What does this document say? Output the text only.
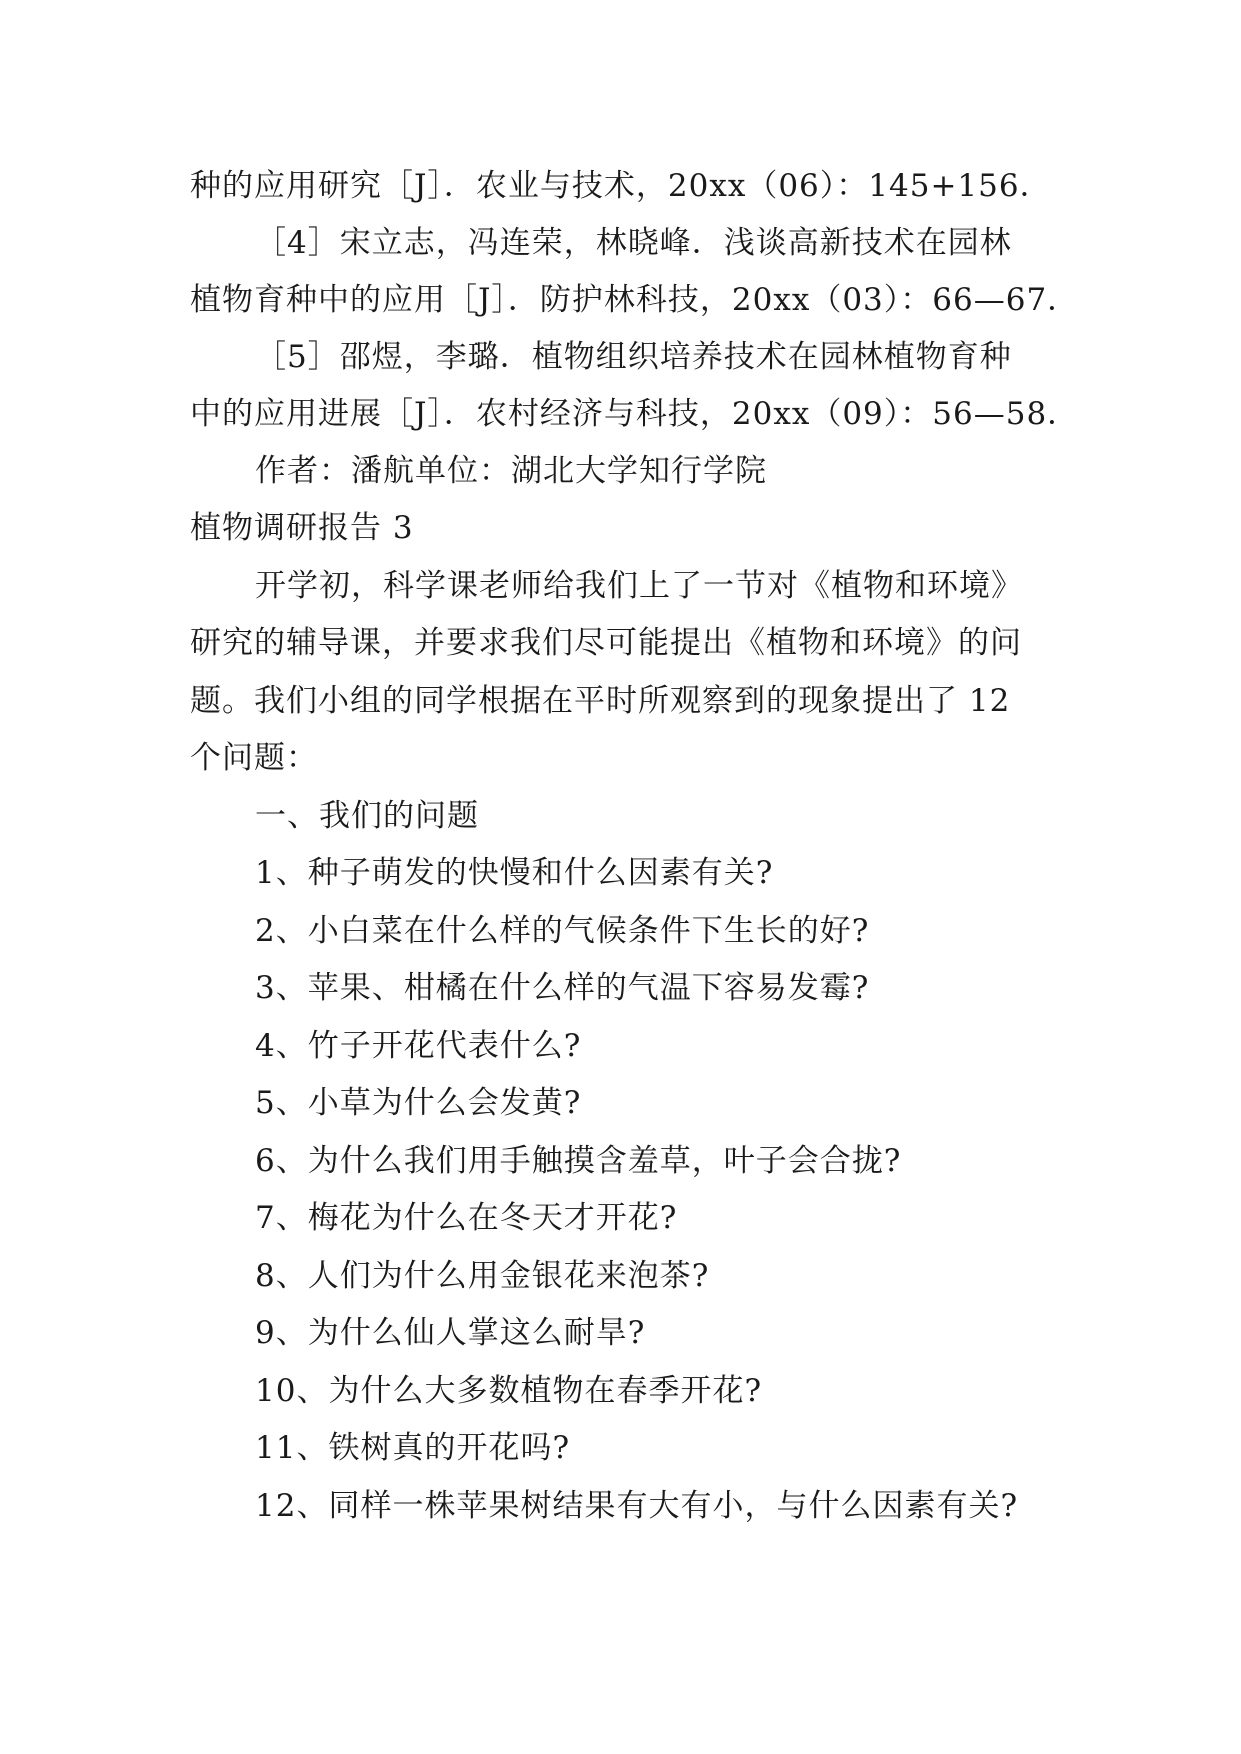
种的应用研究［J］．农业与技术，20xx（06）：145+156．
［4］宋立志，冯连荣，林晓峰．浅谈高新技术在园林
植物育种中的应用［J］．防护林科技，20xx（03）：66—67．
［5］邵煜，李璐．植物组织培养技术在园林植物育种
中的应用进展［J］．农村经济与科技，20xx（09）：56—58．
作者：潘航单位：湖北大学知行学院
植物调研报告 3
开学初，科学课老师给我们上了一节对《植物和环境》
研究的辅导课，并要求我们尽可能提出《植物和环境》的问
题。我们小组的同学根据在平时所观察到的现象提出了 12
个问题：
一、我们的问题
1、种子萌发的快慢和什么因素有关?
2、小白菜在什么样的气候条件下生长的好?
3、苹果、柑橘在什么样的气温下容易发霉?
4、竹子开花代表什么?
5、小草为什么会发黄?
6、为什么我们用手触摸含羞草，叶子会合拢?
7、梅花为什么在冬天才开花?
8、人们为什么用金银花来泡茶?
9、为什么仙人掌这么耐旱?
10、为什么大多数植物在春季开花?
11、铁树真的开花吗?
12、同样一株苹果树结果有大有小，与什么因素有关?
